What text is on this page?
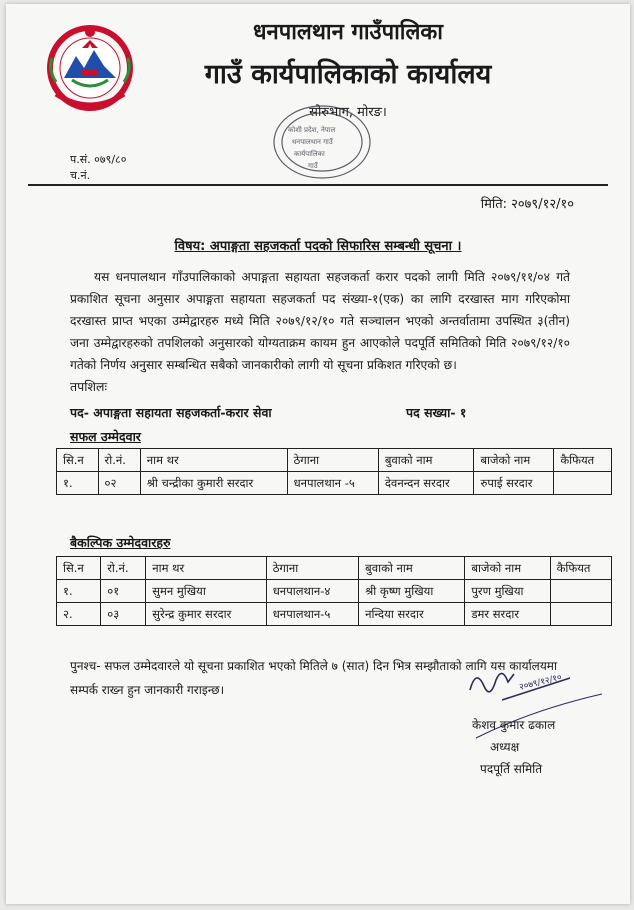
धनपालथान गाउँपालिका
गाउँ कार्यपालिकाको कार्यालय
सोरुभाग, मोरङ।
कोशी प्रदेश, नेपाल
धनपालथान गाउँ
कार्यपालिका
गाउँ
प.सं. ०७९/८०
च.नं.
मिति: २०७९/१२/१०
विषय: अपाङ्गता सहजकर्ता पदको सिफारिस सम्बन्धी सूचना ।
यस धनपालथान गाँउपालिकाको अपाङ्गता सहायता सहजकर्ता करार पदको लागी मिति २०७९/११/०४ गते प्रकाशित सूचना अनुसार अपाङ्गता सहायता सहजकर्ता पद संख्या-१(एक) का लागि दरखास्त माग गरिएकोमा दरखास्त प्राप्त भएका उम्मेद्वारहरु मध्ये मिति २०७९/१२/१० गते सञ्चालन भएको अन्तर्वातामा उपस्थित ३(तीन) जना उम्मेद्वारहरुको तपशिलको अनुसारको योग्यताक्रम कायम हुन आएकोले पदपूर्ति समितिको मिति २०७९/१२/१० गतेको निर्णय अनुसार सम्बन्धित सबैको जानकारीको लागी यो सूचना प्रकिशत गरिएको छ।
तपशिलः
पद- अपाङ्गता सहायता सहजकर्ता-करार सेवा	पद सख्या- १
सफल उम्मेदवार
सि.न	रो.नं.	नाम थर	ठेगाना	बुवाको नाम	बाजेको नाम	कैफियत
१.	०२	श्री चन्द्रीका कुमारी सरदार	धनपालथान -५	देवनन्दन सरदार	रुपाई सरदार	
बैकल्पिक उम्मेदवारहरु
सि.न	रो.नं.	नाम थर	ठेगाना	बुवाको नाम	बाजेको नाम	कैफियत
१.	०१	सुमन मुखिया	धनपालथान-४	श्री कृष्ण मुखिया	पुरण मुखिया	
२.	०३	सुरेन्द्र कुमार सरदार	धनपालथान-५	नन्दिया सरदार	डमर सरदार	
पुनश्च- सफल उम्मेदवारले यो सूचना प्रकाशित भएको मितिले ७ (सात) दिन भित्र सम्झौताको लागि यस कार्यालयमा सम्पर्क राख्न हुन जानकारी गराइन्छ।	२०७९/१२/१०
केशव कुमार ढकाल
अध्यक्ष
पदपूर्ति समिति
